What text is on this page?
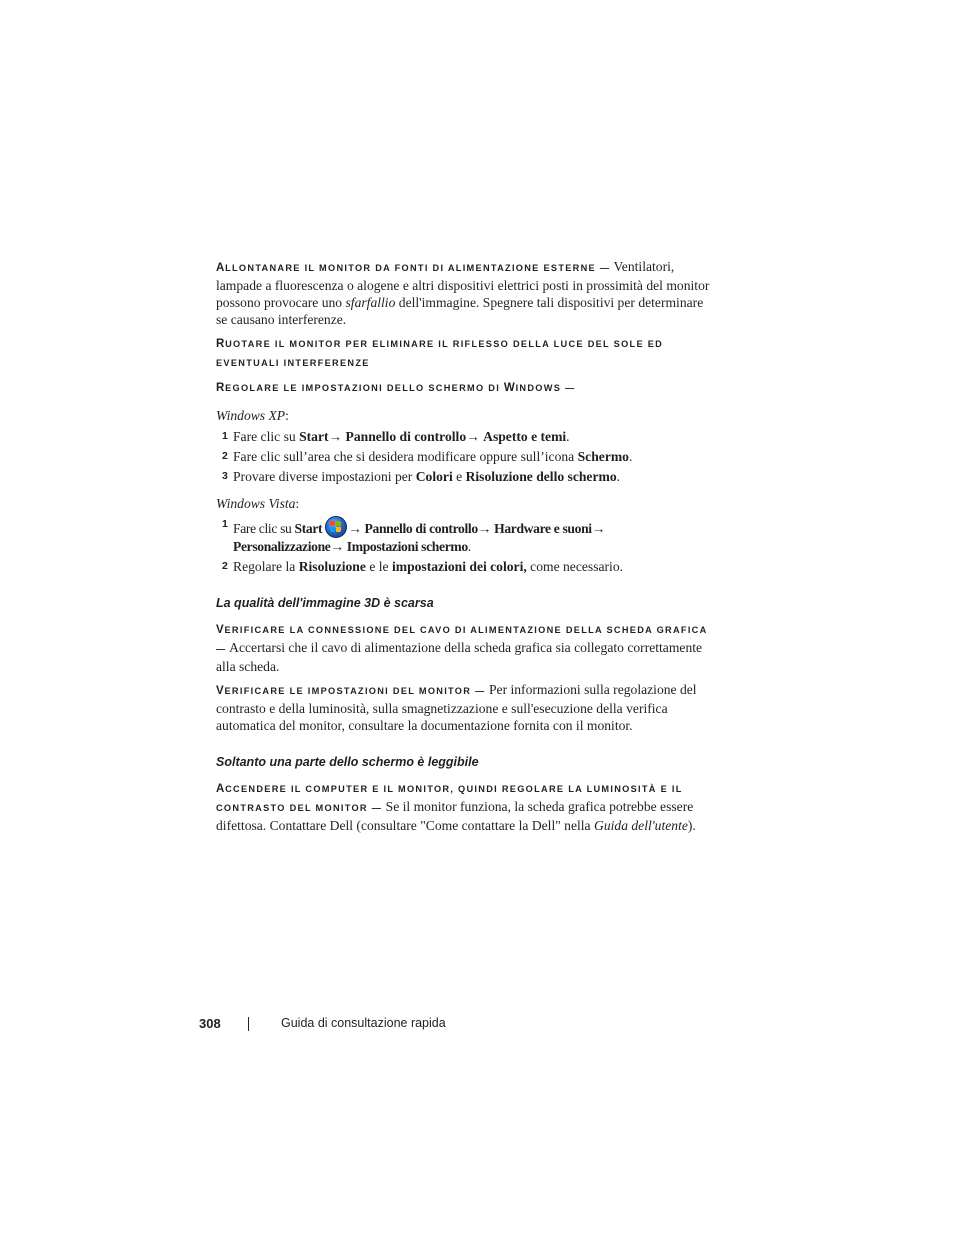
ALLONTANARE IL MONITOR DA FONTI DI ALIMENTAZIONE ESTERNE — Ventilatori, lampade a fluorescenza o alogene e altri dispositivi elettrici posti in prossimità del monitor possono provocare uno sfarfallio dell'immagine. Spegnere tali dispositivi per determinare se causano interferenze.

RUOTARE IL MONITOR PER ELIMINARE IL RIFLESSO DELLA LUCE DEL SOLE ED EVENTUALI INTERFERENZE

REGOLARE LE IMPOSTAZIONI DELLO SCHERMO DI WINDOWS —

Windows XP:

1 Fare clic su Start→ Pannello di controllo→ Aspetto e temi.
2 Fare clic sull’area che si desidera modificare oppure sull’icona Schermo.
3 Provare diverse impostazioni per Colori e Risoluzione dello schermo.

Windows Vista:

1 Fare clic su Start → Pannello di controllo→ Hardware e suoni→ Personalizzazione→ Impostazioni schermo.
2 Regolare la Risoluzione e le impostazioni dei colori, come necessario.

La qualità dell'immagine 3D è scarsa

VERIFICARE LA CONNESSIONE DEL CAVO DI ALIMENTAZIONE DELLA SCHEDA GRAFICA — Accertarsi che il cavo di alimentazione della scheda grafica sia collegato correttamente alla scheda.

VERIFICARE LE IMPOSTAZIONI DEL MONITOR — Per informazioni sulla regolazione del contrasto e della luminosità, sulla smagnetizzazione e sull'esecuzione della verifica automatica del monitor, consultare la documentazione fornita con il monitor.

Soltanto una parte dello schermo è leggibile

ACCENDERE IL COMPUTER E IL MONITOR, QUINDI REGOLARE LA LUMINOSITÀ E IL CONTRASTO DEL MONITOR — Se il monitor funziona, la scheda grafica potrebbe essere difettosa. Contattare Dell (consultare "Come contattare la Dell" nella Guida dell'utente).

308	Guida di consultazione rapida
